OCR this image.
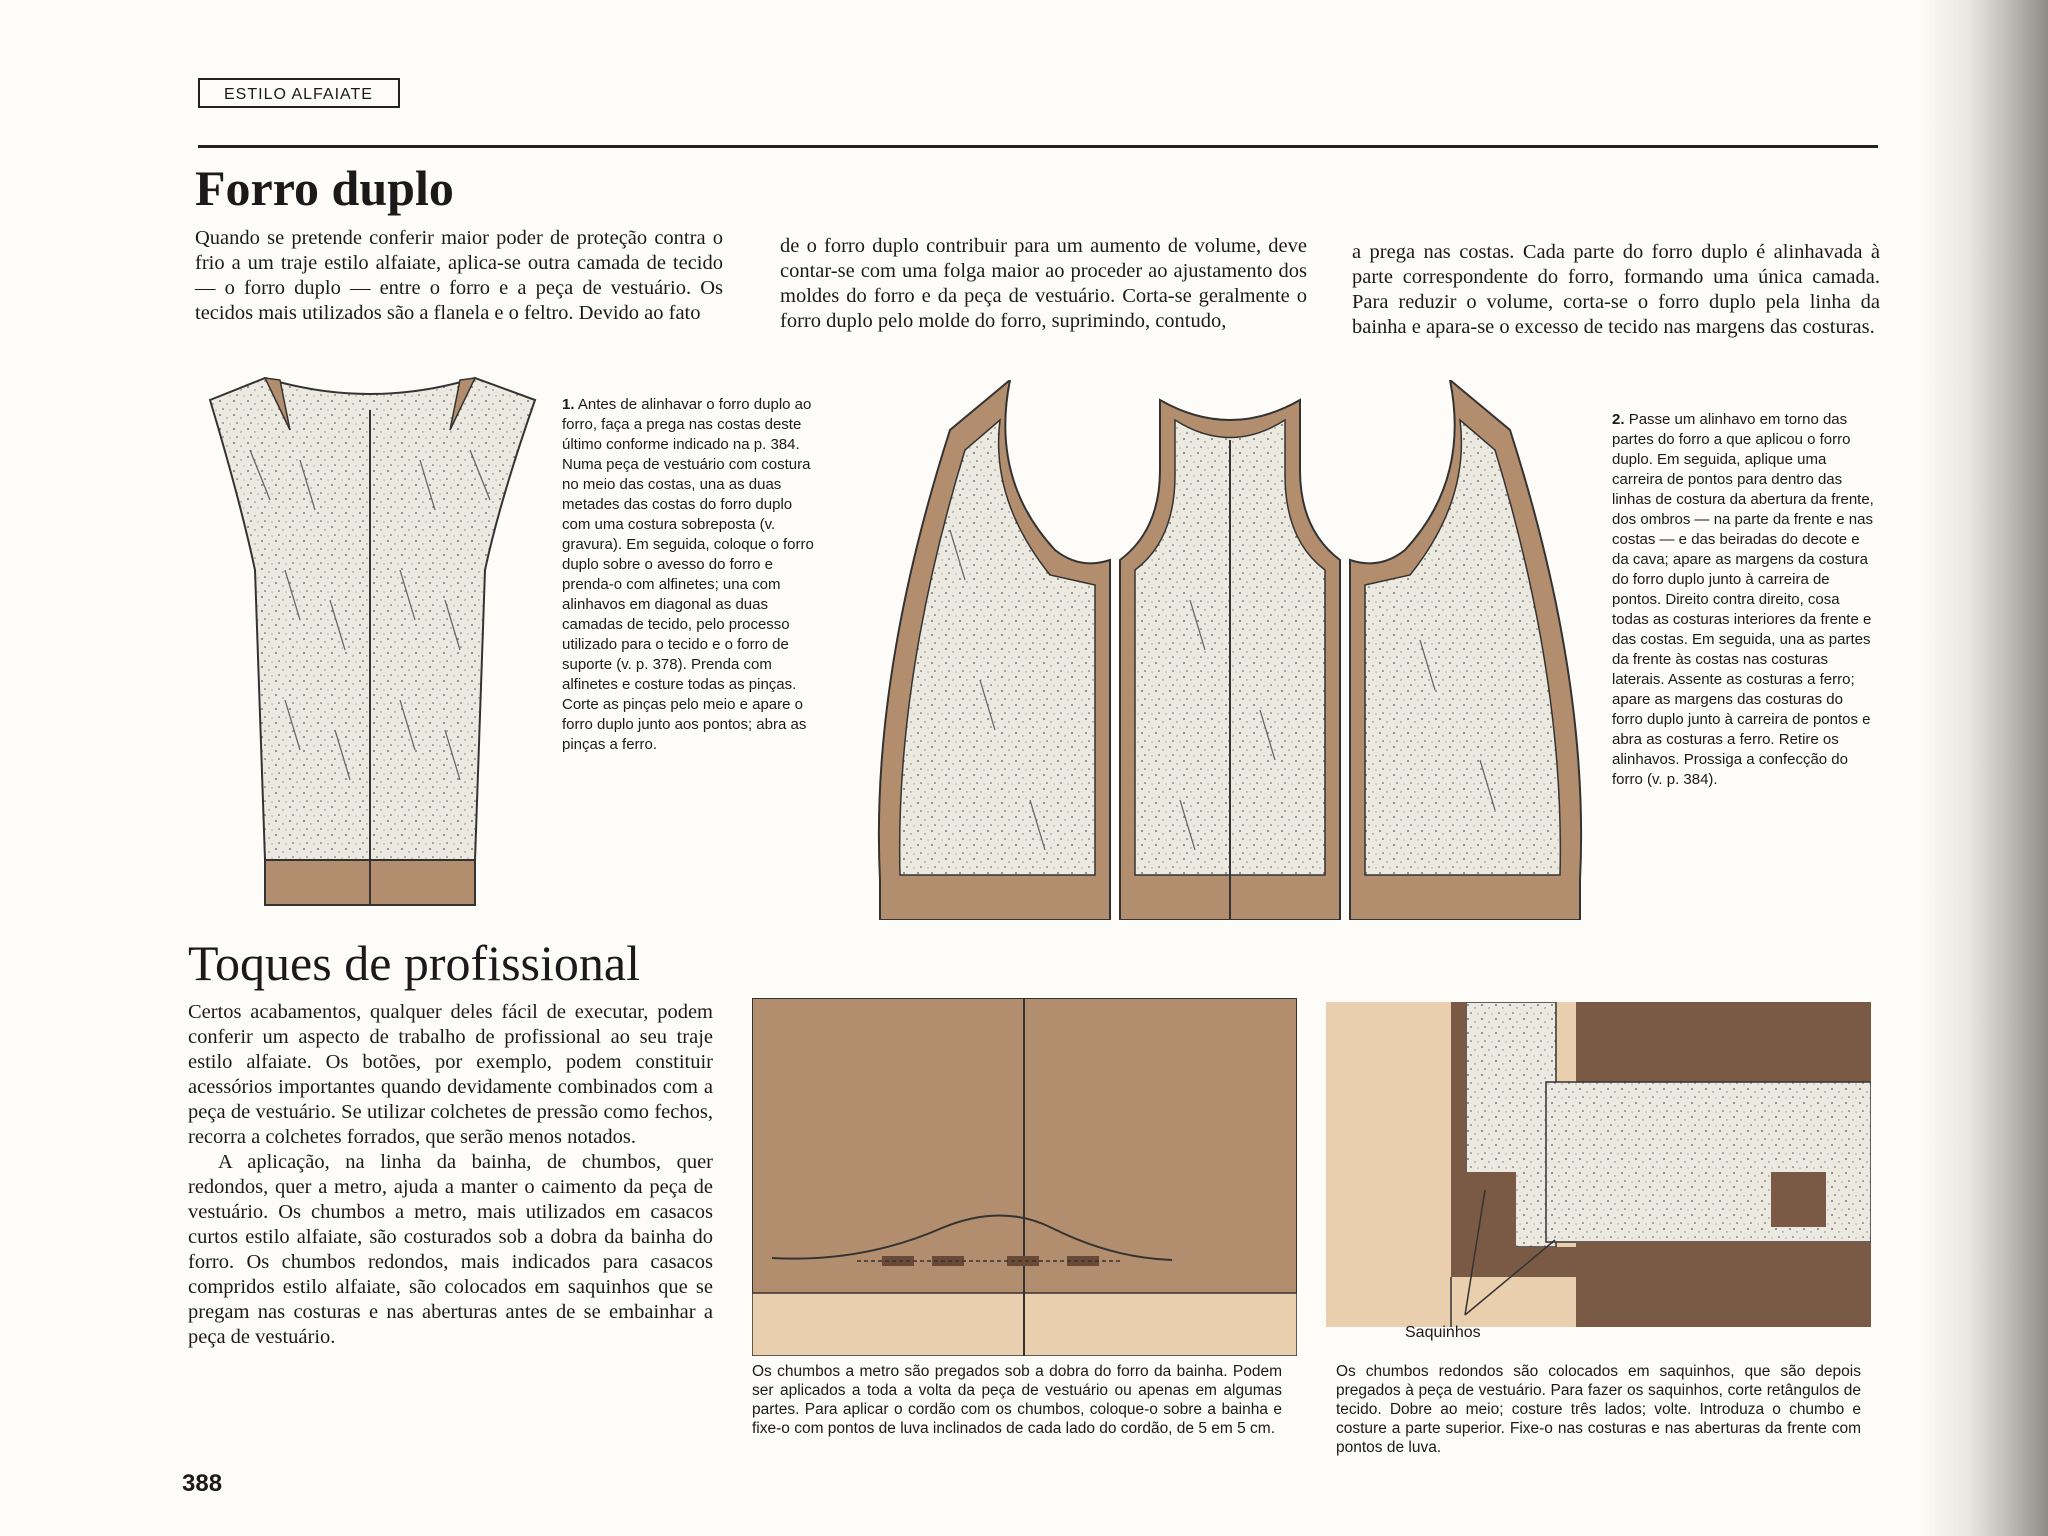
ESTILO ALFAIATE
Forro duplo

Quando se pretende conferir maior poder de proteção contra o frio a um traje estilo alfaiate, aplica-se outra camada de tecido — o forro duplo — entre o forro e a peça de vestuário. Os tecidos mais utilizados são a flanela e o feltro. Devido ao fato

de o forro duplo contribuir para um aumento de volume, deve contar-se com uma folga maior ao proceder ao ajustamento dos moldes do forro e da peça de vestuário. Corta-se geralmente o forro duplo pelo molde do forro, suprimindo, contudo,

a prega nas costas. Cada parte do forro duplo é alinhavada à parte correspondente do forro, formando uma única camada. Para reduzir o volume, corta-se o forro duplo pela linha da bainha e apara-se o excesso de tecido nas margens das costuras.

1. Antes de alinhavar o forro duplo ao forro, faça a prega nas costas deste último conforme indicado na p. 384. Numa peça de vestuário com costura no meio das costas, una as duas metades das costas do forro duplo com uma costura sobreposta (v. gravura). Em seguida, coloque o forro duplo sobre o avesso do forro e prenda-o com alfinetes; una com alinhavos em diagonal as duas camadas de tecido, pelo processo utilizado para o tecido e o forro de suporte (v. p. 378). Prenda com alfinetes e costure todas as pinças. Corte as pinças pelo meio e apare o forro duplo junto aos pontos; abra as pinças a ferro.
2. Passe um alinhavo em torno das partes do forro a que aplicou o forro duplo. Em seguida, aplique uma carreira de pontos para dentro das linhas de costura da abertura da frente, dos ombros — na parte da frente e nas costas — e das beiradas do decote e da cava; apare as margens da costura do forro duplo junto à carreira de pontos. Direito contra direito, cosa todas as costuras interiores da frente e das costas. Em seguida, una as partes da frente às costas nas costuras laterais. Assente as costuras a ferro; apare as margens das costuras do forro duplo junto à carreira de pontos e abra as costuras a ferro. Retire os alinhavos. Prossiga a confecção do forro (v. p. 384).
Toques de profissional

Certos acabamentos, qualquer deles fácil de executar, podem conferir um aspecto de trabalho de profissional ao seu traje estilo alfaiate. Os botões, por exemplo, podem constituir acessórios importantes quando devidamente combinados com a peça de vestuário. Se utilizar colchetes de pressão como fechos, recorra a colchetes forrados, que serão menos notados.

A aplicação, na linha da bainha, de chumbos, quer redondos, quer a metro, ajuda a manter o caimento da peça de vestuário. Os chumbos a metro, mais utilizados em casacos curtos estilo alfaiate, são costurados sob a dobra da bainha do forro. Os chumbos redondos, mais indicados para casacos compridos estilo alfaiate, são colocados em saquinhos que se pregam nas costuras e nas aberturas antes de se embainhar a peça de vestuário.

Os chumbos a metro são pregados sob a dobra do forro da bainha. Podem ser aplicados a toda a volta da peça de vestuário ou apenas em algumas partes. Para aplicar o cordão com os chumbos, coloque-o sobre a bainha e fixe-o com pontos de luva inclinados de cada lado do cordão, de 5 em 5 cm.
Saquinhos
Os chumbos redondos são colocados em saquinhos, que são depois pregados à peça de vestuário. Para fazer os saquinhos, corte retângulos de tecido. Dobre ao meio; costure três lados; volte. Introduza o chumbo e costure a parte superior. Fixe-o nas costuras e nas aberturas da frente com pontos de luva.
388
